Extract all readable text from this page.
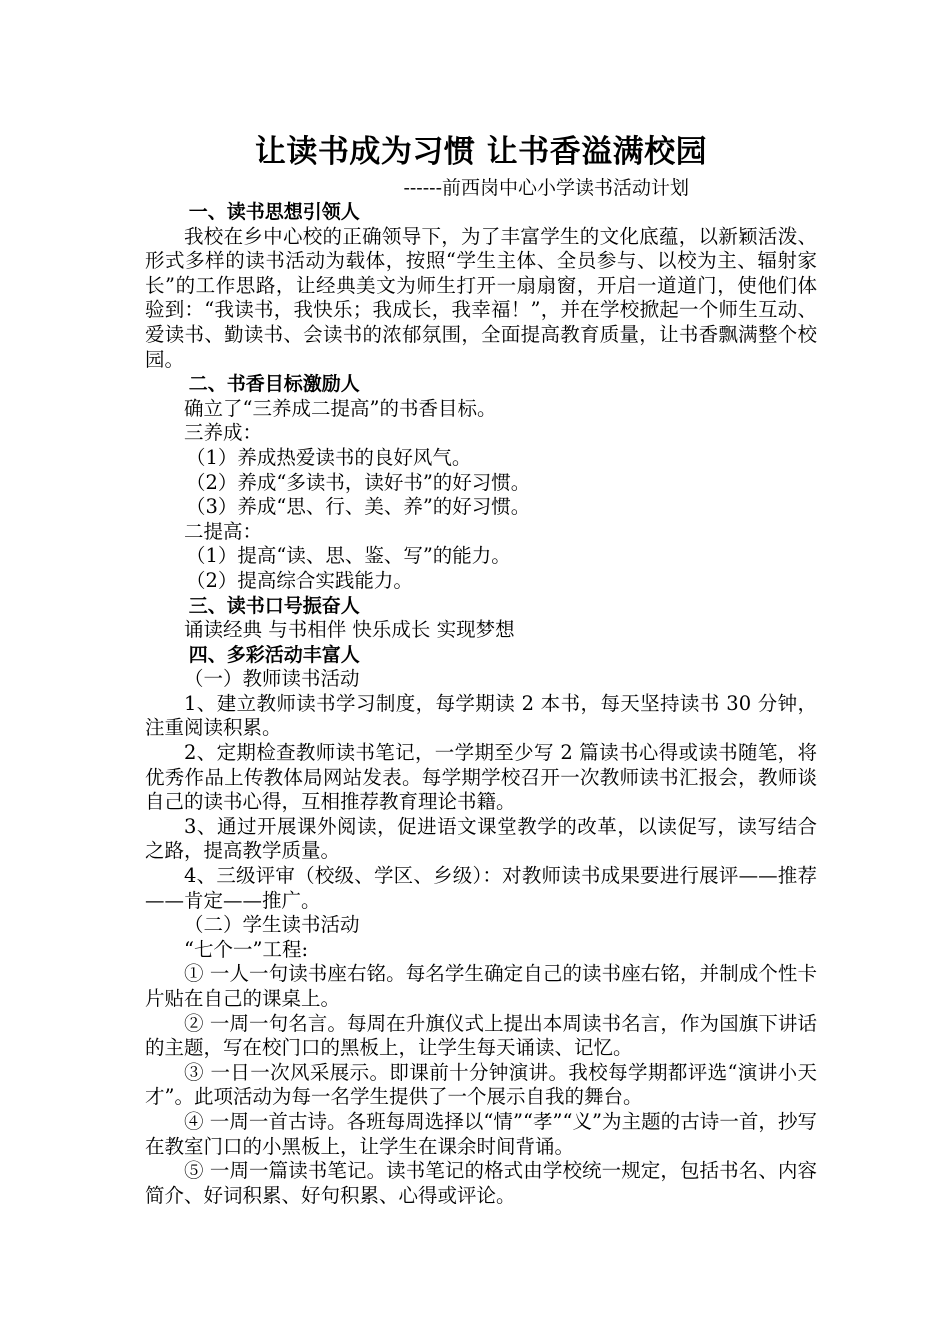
让读书成为习惯 让书香溢满校园

------前西岗中心小学读书活动计划

一、读书思想引领人

我校在乡中心校的正确领导下，为了丰富学生的文化底蕴，以新颖活泼、形式多样的读书活动为载体，按照“学生主体、全员参与、以校为主、辐射家长”的工作思路，让经典美文为师生打开一扇扇窗，开启一道道门，使他们体验到：“我读书，我快乐；我成长，我幸福！”，并在学校掀起一个师生互动、爱读书、勤读书、会读书的浓郁氛围，全面提高教育质量，让书香飘满整个校园。

二、书香目标激励人

确立了“三养成二提高”的书香目标。

三养成：

（1）养成热爱读书的良好风气。

（2）养成“多读书，读好书”的好习惯。

（3）养成“思、行、美、养”的好习惯。

二提高：

（1）提高“读、思、鉴、写”的能力。

（2）提高综合实践能力。

三、读书口号振奋人

诵读经典 与书相伴 快乐成长 实现梦想

四、多彩活动丰富人

（一）教师读书活动

1、建立教师读书学习制度，每学期读 2 本书，每天坚持读书 30 分钟，注重阅读积累。

2、定期检查教师读书笔记，一学期至少写 2 篇读书心得或读书随笔，将优秀作品上传教体局网站发表。每学期学校召开一次教师读书汇报会，教师谈自己的读书心得，互相推荐教育理论书籍。

3、通过开展课外阅读，促进语文课堂教学的改革，以读促写，读写结合之路，提高教学质量。

4、三级评审（校级、学区、乡级）：对教师读书成果要进行展评——推荐——肯定——推广。

（二）学生读书活动

“七个一”工程:

① 一人一句读书座右铭。每名学生确定自己的读书座右铭，并制成个性卡片贴在自己的课桌上。

② 一周一句名言。每周在升旗仪式上提出本周读书名言，作为国旗下讲话的主题，写在校门口的黑板上，让学生每天诵读、记忆。

③ 一日一次风采展示。即课前十分钟演讲。我校每学期都评选“演讲小天才”。此项活动为每一名学生提供了一个展示自我的舞台。

④ 一周一首古诗。各班每周选择以“情”“孝”“义”为主题的古诗一首，抄写在教室门口的小黑板上，让学生在课余时间背诵。

⑤ 一周一篇读书笔记。读书笔记的格式由学校统一规定，包括书名、内容简介、好词积累、好句积累、心得或评论。
